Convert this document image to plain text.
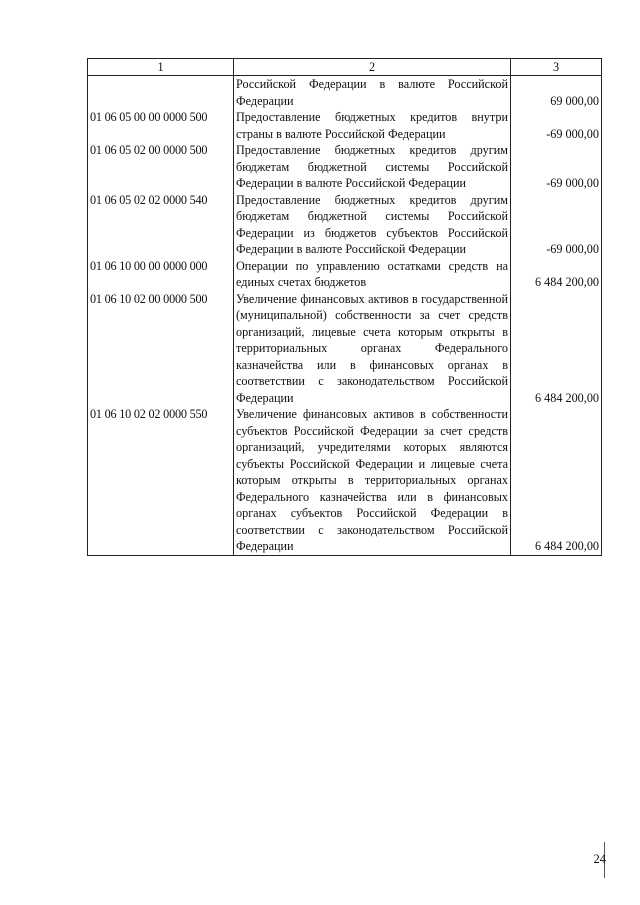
1	2	3
	Российской Федерации в валюте Российской Федерации	69 000,00
01 06 05 00 00 0000 500	Предоставление бюджетных кредитов внутри страны в валюте Российской Федерации	-69 000,00
01 06 05 02 00 0000 500	Предоставление бюджетных кредитов другим бюджетам бюджетной системы Российской Федерации в валюте Российской Федерации	-69 000,00
01 06 05 02 02 0000 540	Предоставление бюджетных кредитов другим бюджетам бюджетной системы Российской Федерации из бюджетов субъектов Российской Федерации в валюте Российской Федерации	-69 000,00
01 06 10 00 00 0000 000	Операции по управлению остатками средств на единых счетах бюджетов	6 484 200,00
01 06 10 02 00 0000 500	Увеличение финансовых активов в государственной (муниципальной) собственности за счет средств организаций, лицевые счета которым открыты в территориальных органах Федерального казначейства или в финансовых органах в соответствии с законодательством Российской Федерации	6 484 200,00
01 06 10 02 02 0000 550	Увеличение финансовых активов в собственности субъектов Российской Федерации за счет средств организаций, учредителями которых являются субъекты Российской Федерации и лицевые счета которым открыты в территориальных органах Федерального казначейства или в финансовых органах субъектов Российской Федерации в соответствии с законодательством Российской Федерации	6 484 200,00
24
